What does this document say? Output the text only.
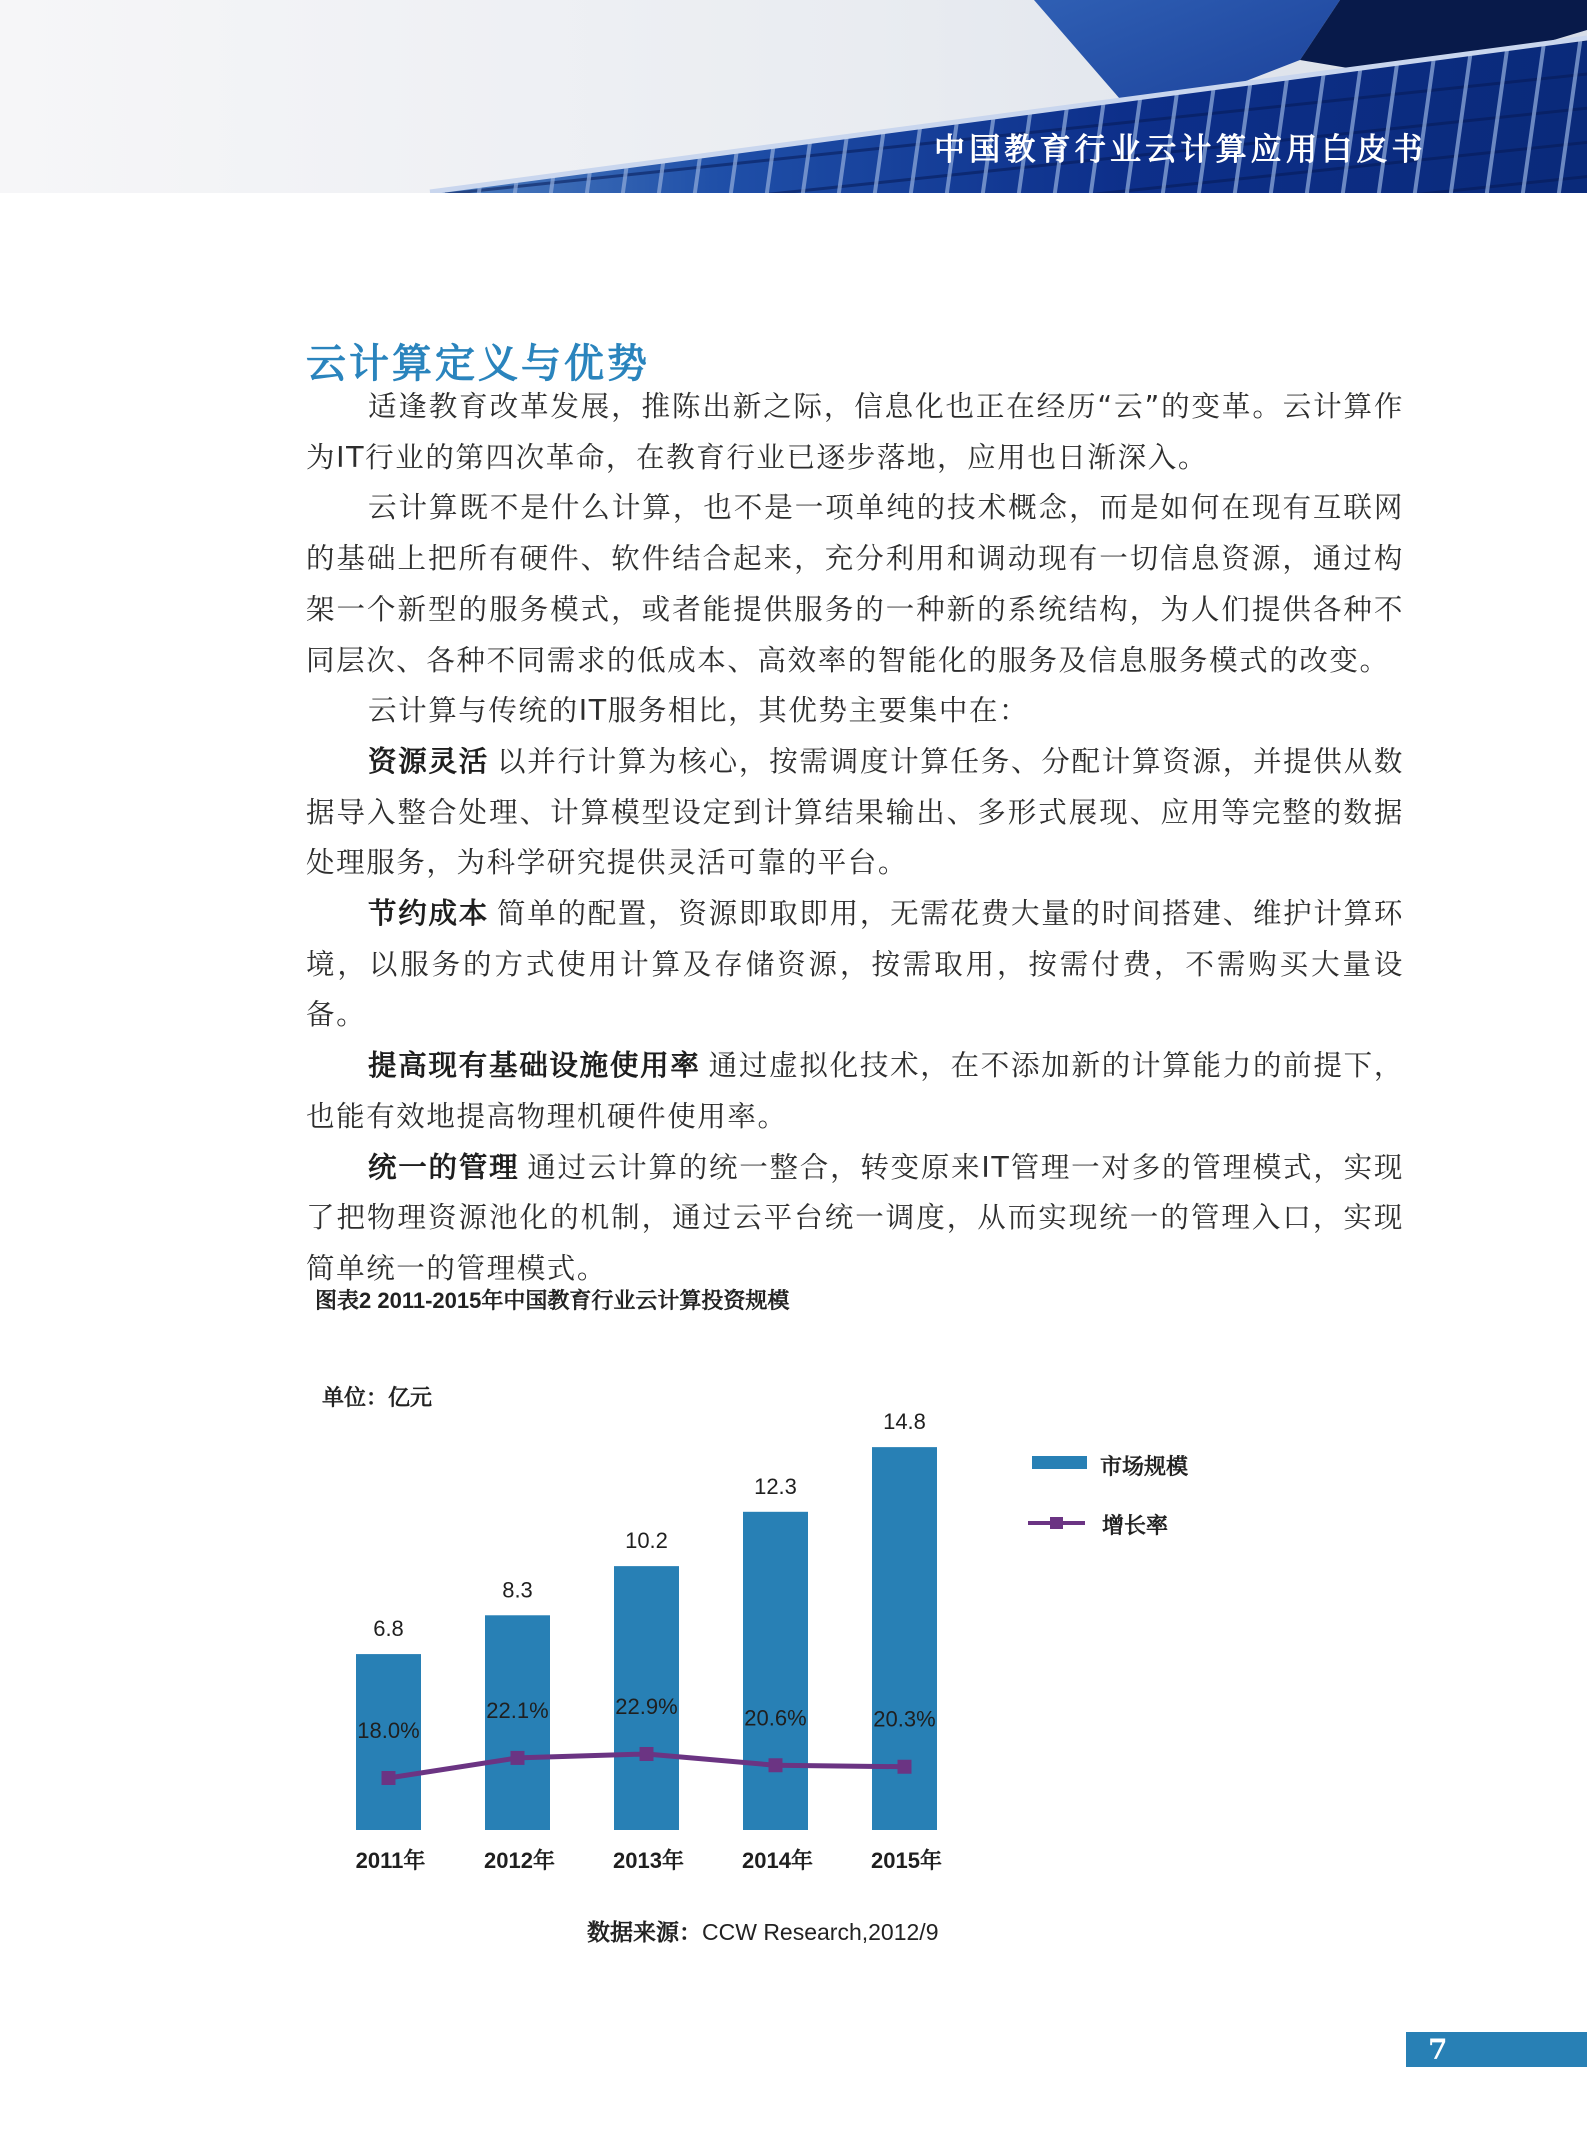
中国教育行业云计算应用白皮书
云计算定义与优势

适逢教育改革发展，推陈出新之际，信息化也正在经历“云”的变革。云计算作为IT行业的第四次革命，在教育行业已逐步落地，应用也日渐深入。

云计算既不是什么计算，也不是一项单纯的技术概念，而是如何在现有互联网的基础上把所有硬件、软件结合起来，充分利用和调动现有一切信息资源，通过构架一个新型的服务模式，或者能提供服务的一种新的系统结构，为人们提供各种不同层次、各种不同需求的低成本、高效率的智能化的服务及信息服务模式的改变。

云计算与传统的IT服务相比，其优势主要集中在：

资源灵活 以并行计算为核心，按需调度计算任务、分配计算资源，并提供从数据导入整合处理、计算模型设定到计算结果输出、多形式展现、应用等完整的数据处理服务，为科学研究提供灵活可靠的平台。

节约成本 简单的配置，资源即取即用，无需花费大量的时间搭建、维护计算环境，以服务的方式使用计算及存储资源，按需取用，按需付费，不需购买大量设备。

提高现有基础设施使用率 通过虚拟化技术，在不添加新的计算能力的前提下，也能有效地提高物理机硬件使用率。

统一的管理 通过云计算的统一整合，转变原来IT管理一对多的管理模式，实现了把物理资源池化的机制，通过云平台统一调度，从而实现统一的管理入口，实现简单统一的管理模式。

图表2 2011-2015年中国教育行业云计算投资规模
单位：亿元
6.8
2011年
8.3
2012年
10.2
2013年
12.3
2014年
14.8
2015年
18.0%
22.1%	22.9%	20.6%	20.3%
市场规模
增长率
数据来源：CCW Research,2012/9
7
